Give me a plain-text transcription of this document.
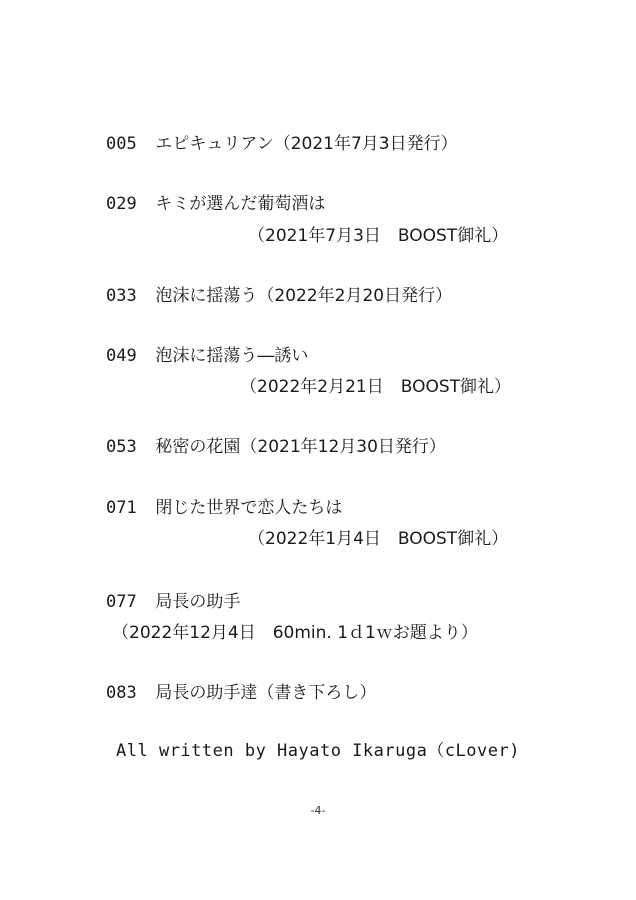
005 エピキュリアン（2021年7月3日発行）
029 キミが選んだ葡萄酒は
（2021年7月3日　BOOST御礼）
033 泡沫に揺蕩う（2022年2月20日発行）
049 泡沫に揺蕩う―誘い
（2022年2月21日　BOOST御礼）
053 秘密の花園（2021年12月30日発行）
071 閉じた世界で恋人たちは
（2022年1月4日　BOOST御礼）
077 局長の助手
（2022年12月4日　60min. 1ｄ1ｗお題より）
083 局長の助手達（書き下ろし）
All written by Hayato Ikaruga（cLover)
-4-
